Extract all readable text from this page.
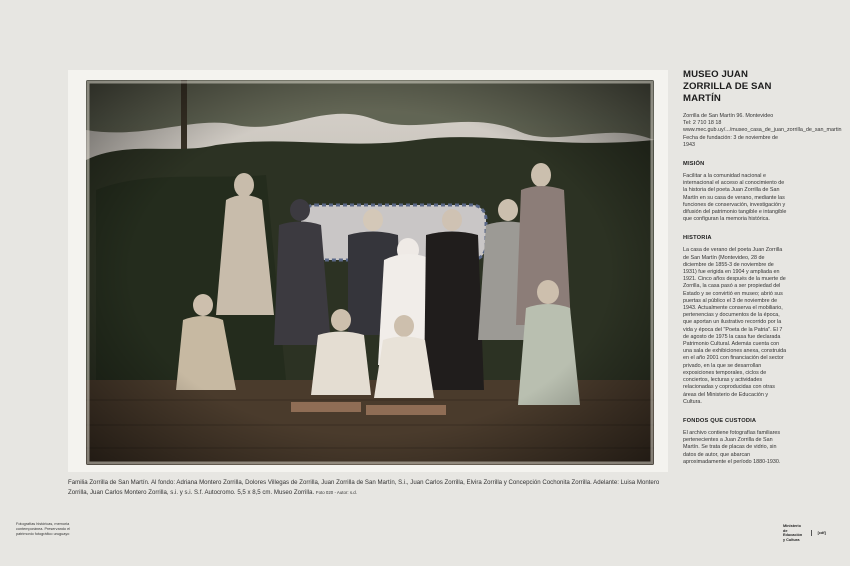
Familia Zorrilla de San Martín. Al fondo: Adriana Montero Zorrilla, Dolores Villegas de Zorrilla, Juan Zorrilla de San Martín, S.i., Juan Carlos Zorrilla, Elvira Zorrilla y Concepción Cochonita Zorrilla. Adelante: Luisa Montero Zorrilla, Juan Carlos Montero Zorrilla, s.i. y s.i. S.f. Autocromo. 5,5 x 8,5 cm. Museo Zorrilla. Foto 020 - Autor: s.d.
MUSEO JUAN ZORRILLA DE SAN MARTÍN

Zorrilla de San Martín 96. Montevideo

Tel: 2 710 18 18

www.mec.gub.uy/.../museo_casa_de_juan_zorrilla_de_san_martin

Fecha de fundación: 3 de noviembre de 1943

MISIÓN

Facilitar a la comunidad nacional e internacional el acceso al conocimiento de la historia del poeta Juan Zorrilla de San Martín en su casa de verano, mediante las funciones de conservación, investigación y difusión del patrimonio tangible e intangible que configuran la memoria histórica.

HISTORIA

La casa de verano del poeta Juan Zorrilla de San Martín (Montevideo, 28 de diciembre de 1855-3 de noviembre de 1931) fue erigida en 1904 y ampliada en 1921. Cinco años después de la muerte de Zorrilla, la casa pasó a ser propiedad del Estado y se convirtió en museo; abrió sus puertas al público el 3 de noviembre de 1943. Actualmente conserva el mobiliario, pertenencias y documentos de la época, que aportan un ilustrativo recorrido por la vida y época del "Poeta de la Patria". El 7 de agosto de 1975 la casa fue declarada Patrimonio Cultural. Además cuenta con una sala de exhibiciones anexa, construida en el año 2001 con financiación del sector privado, en la que se desarrollan exposiciones temporales, ciclos de conciertos, lecturas y actividades relacionadas y coproducidas con otras áreas del Ministerio de Educación y Cultura.

FONDOS QUE CUSTODIA

El archivo contiene fotografías familiares pertenecientes a Juan Zorrilla de San Martín. Se trata de placas de vidrio, sin datos de autor, que abarcan aproximadamente el período 1880-1930.

Fotografías históricas, memoria contemporánea. Preservando el patrimonio fotográfico uruguayo
Ministerio de Educación y Cultura
[cdf]
